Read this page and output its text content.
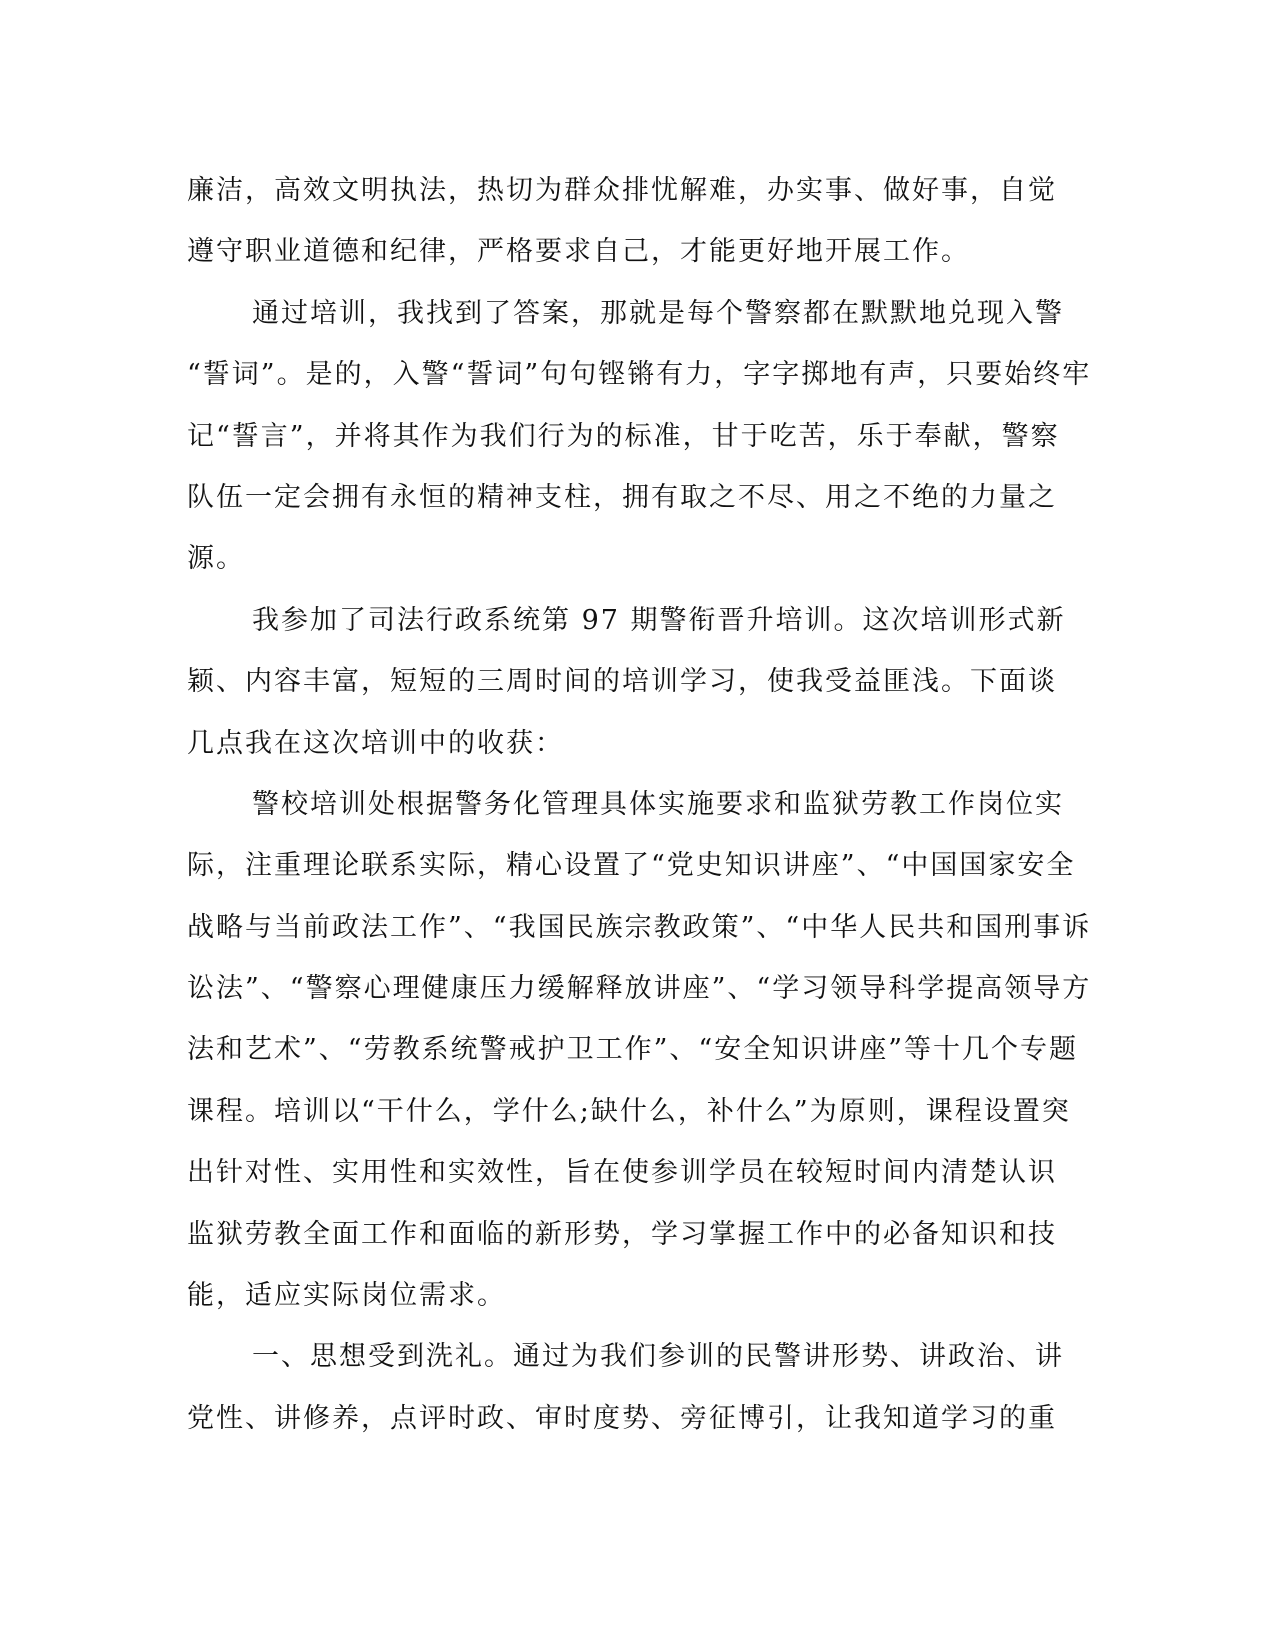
廉洁，高效文明执法，热切为群众排忧解难，办实事、做好事，自觉
遵守职业道德和纪律，严格要求自己，才能更好地开展工作。
通过培训，我找到了答案，那就是每个警察都在默默地兑现入警
“誓词”。是的，入警“誓词”句句铿锵有力，字字掷地有声，只要始终牢
记“誓言”，并将其作为我们行为的标准，甘于吃苦，乐于奉献，警察
队伍一定会拥有永恒的精神支柱，拥有取之不尽、用之不绝的力量之
源。
我参加了司法行政系统第 97 期警衔晋升培训。这次培训形式新
颖、内容丰富，短短的三周时间的培训学习，使我受益匪浅。下面谈
几点我在这次培训中的收获：
警校培训处根据警务化管理具体实施要求和监狱劳教工作岗位实
际，注重理论联系实际，精心设置了“党史知识讲座”、“中国国家安全
战略与当前政法工作”、“我国民族宗教政策”、“中华人民共和国刑事诉
讼法”、“警察心理健康压力缓解释放讲座”、“学习领导科学提高领导方
法和艺术”、“劳教系统警戒护卫工作”、“安全知识讲座”等十几个专题
课程。培训以“干什么，学什么;缺什么，补什么”为原则，课程设置突
出针对性、实用性和实效性，旨在使参训学员在较短时间内清楚认识
监狱劳教全面工作和面临的新形势，学习掌握工作中的必备知识和技
能，适应实际岗位需求。
一、思想受到洗礼。通过为我们参训的民警讲形势、讲政治、讲
党性、讲修养，点评时政、审时度势、旁征博引，让我知道学习的重
